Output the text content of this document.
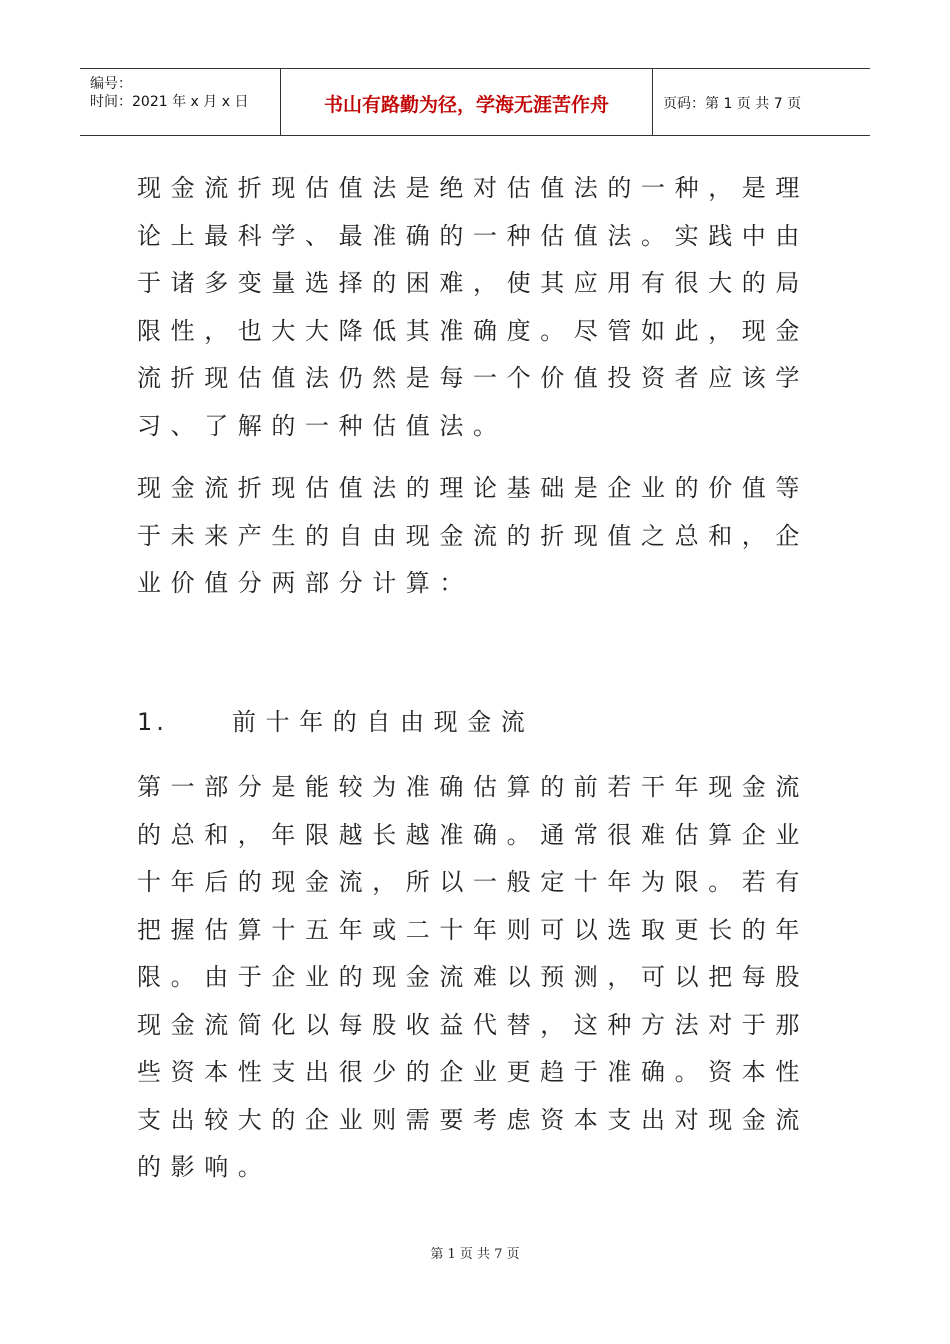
编号：
时间：2021 年 x 月 x 日	书山有路勤为径，学海无涯苦作舟	页码：第 1 页 共 7 页

现金流折现估值法是绝对估值法的一种，是理论上最科学、最准确的一种估值法。实践中由于诸多变量选择的困难，使其应用有很大的局限性，也大大降低其准确度。尽管如此，现金流折现估值法仍然是每一个价值投资者应该学习、了解的一种估值法。

现金流折现估值法的理论基础是企业的价值等于未来产生的自由现金流的折现值之总和，企业价值分两部分计算：

1.	前十年的自由现金流

第一部分是能较为准确估算的前若干年现金流的总和，年限越长越准确。通常很难估算企业十年后的现金流，所以一般定十年为限。若有把握估算十五年或二十年则可以选取更长的年限。由于企业的现金流难以预测，可以把每股现金流简化以每股收益代替，这种方法对于那些资本性支出很少的企业更趋于准确。资本性支出较大的企业则需要考虑资本支出对现金流的影响。

第 1 页 共 7 页
